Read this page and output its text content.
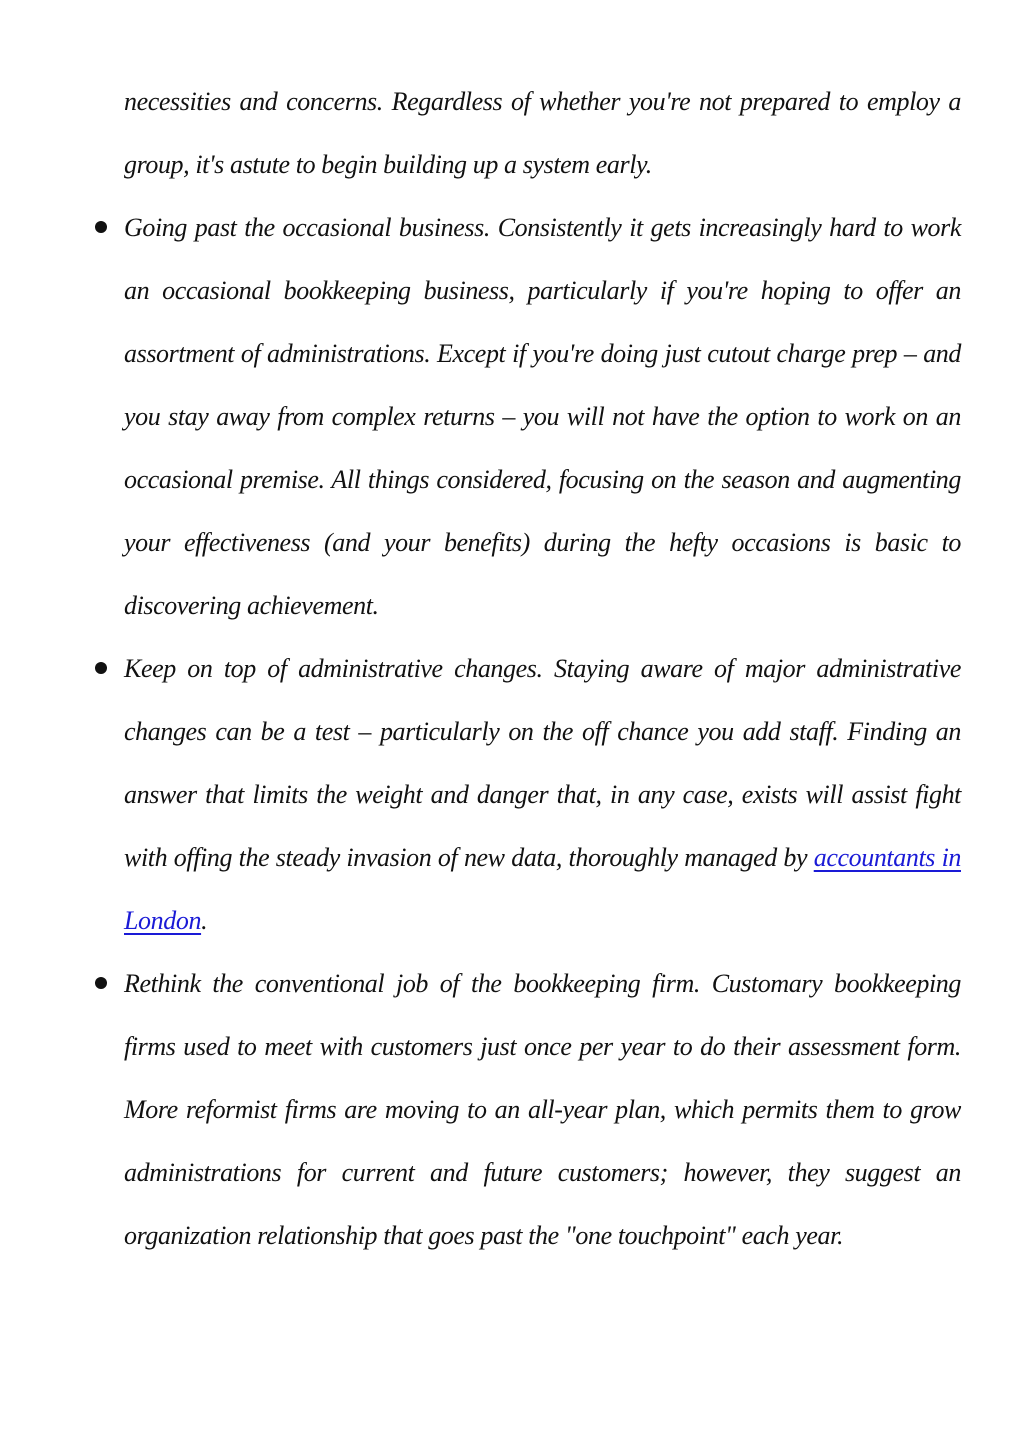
necessities and concerns. Regardless of whether you're not prepared to employ a group, it's astute to begin building up a system early.

Going past the occasional business. Consistently it gets increasingly hard to work an occasional bookkeeping business, particularly if you're hoping to offer an assortment of administrations. Except if you're doing just cutout charge prep – and you stay away from complex returns – you will not have the option to work on an occasional premise. All things considered, focusing on the season and augmenting your effectiveness (and your benefits) during the hefty occasions is basic to discovering achievement.

Keep on top of administrative changes. Staying aware of major administrative changes can be a test – particularly on the off chance you add staff. Finding an answer that limits the weight and danger that, in any case, exists will assist fight with offing the steady invasion of new data, thoroughly managed by accountants in London.

Rethink the conventional job of the bookkeeping firm. Customary bookkeeping firms used to meet with customers just once per year to do their assessment form. More reformist firms are moving to an all-year plan, which permits them to grow administrations for current and future customers; however, they suggest an organization relationship that goes past the "one touchpoint" each year.
